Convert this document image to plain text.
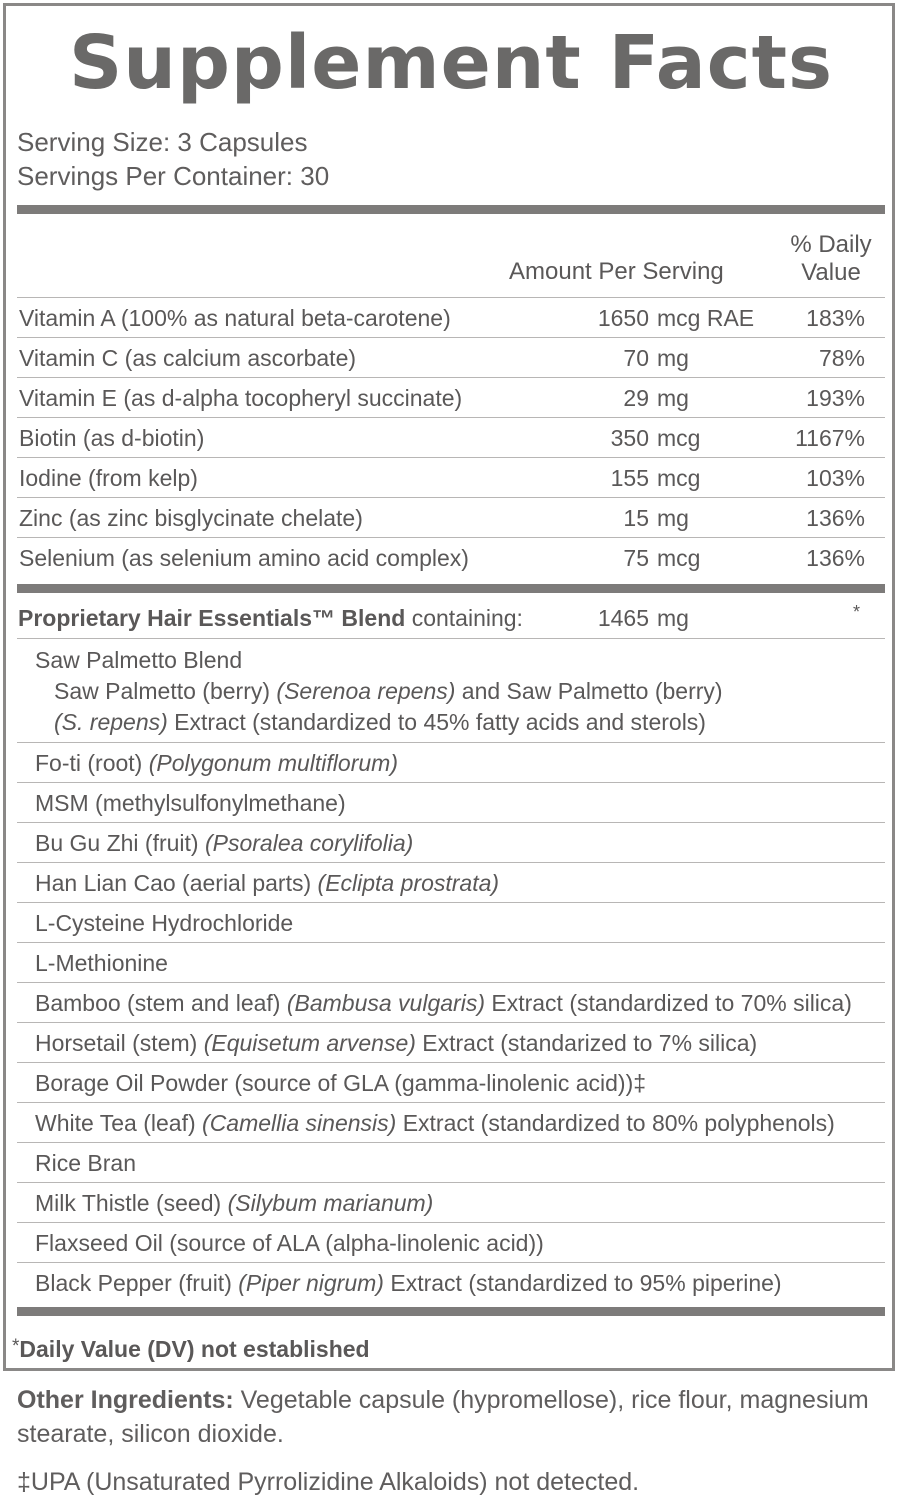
Supplement Facts
Serving Size: 3 Capsules
Servings Per Container: 30
Amount Per Serving
% Daily
Value
Vitamin A (100% as natural beta-carotene)	1650 mcg RAE 183%
Vitamin C (as calcium ascorbate)	70 mg	78%
Vitamin E (as d-alpha tocopheryl succinate)	29 mg	193%
Biotin (as d-biotin)	350 mcg	1167%
Iodine (from kelp)	155 mcg	103%
Zinc (as zinc bisglycinate chelate)	15 mg	136%
Selenium (as selenium amino acid complex)	75 mcg	136%
Proprietary Hair Essentials™ Blend containing:	1465 mg	*
Saw Palmetto Blend
Saw Palmetto (berry) (Serenoa repens) and Saw Palmetto (berry)
(S. repens) Extract (standardized to 45% fatty acids and sterols)
Fo-ti (root) (Polygonum multiflorum)
MSM (methylsulfonylmethane)
Bu Gu Zhi (fruit) (Psoralea corylifolia)
Han Lian Cao (aerial parts) (Eclipta prostrata)
L-Cysteine Hydrochloride
L-Methionine
Bamboo (stem and leaf) (Bambusa vulgaris) Extract (standardized to 70% silica)
Horsetail (stem) (Equisetum arvense) Extract (standarized to 7% silica)
Borage Oil Powder (source of GLA (gamma-linolenic acid))‡
White Tea (leaf) (Camellia sinensis) Extract (standardized to 80% polyphenols)
Rice Bran
Milk Thistle (seed) (Silybum marianum)
Flaxseed Oil (source of ALA (alpha-linolenic acid))
Black Pepper (fruit) (Piper nigrum) Extract (standardized to 95% piperine)
*Daily Value (DV) not established
Other Ingredients: Vegetable capsule (hypromellose), rice flour, magnesium stearate, silicon dioxide.
‡UPA (Unsaturated Pyrrolizidine Alkaloids) not detected.
